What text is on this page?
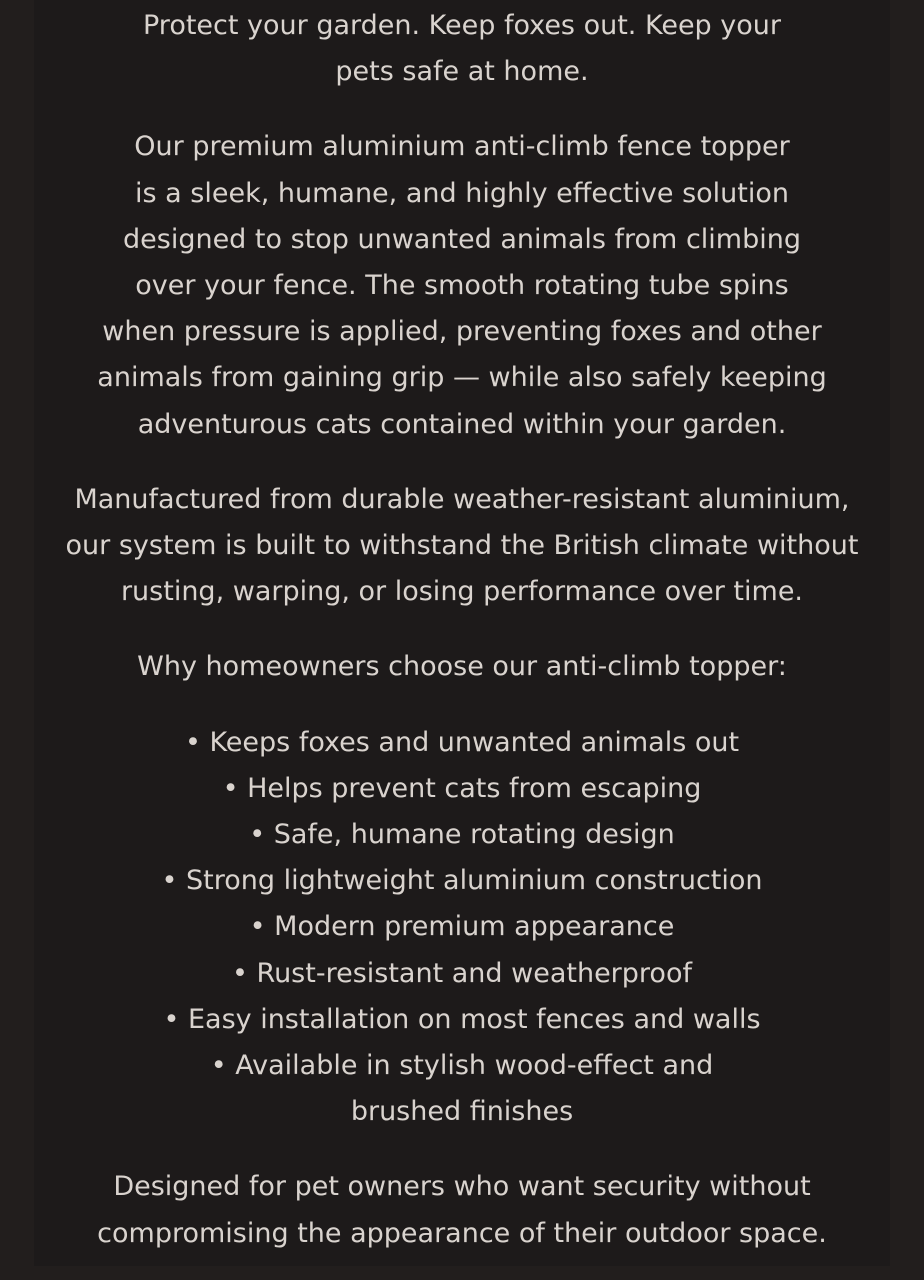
Protect your garden. Keep foxes out. Keep your
pets safe at home.

Our premium aluminium anti-climb fence topper
is a sleek, humane, and highly effective solution
designed to stop unwanted animals from climbing
over your fence. The smooth rotating tube spins
when pressure is applied, preventing foxes and other
animals from gaining grip — while also safely keeping
adventurous cats contained within your garden.

Manufactured from durable weather-resistant aluminium,
our system is built to withstand the British climate without
rusting, warping, or losing performance over time.

Why homeowners choose our anti-climb topper:

• Keeps foxes and unwanted animals out
• Helps prevent cats from escaping
• Safe, humane rotating design
• Strong lightweight aluminium construction
• Modern premium appearance
• Rust-resistant and weatherproof
• Easy installation on most fences and walls
• Available in stylish wood-effect and
brushed finishes

Designed for pet owners who want security without
compromising the appearance of their outdoor space.
